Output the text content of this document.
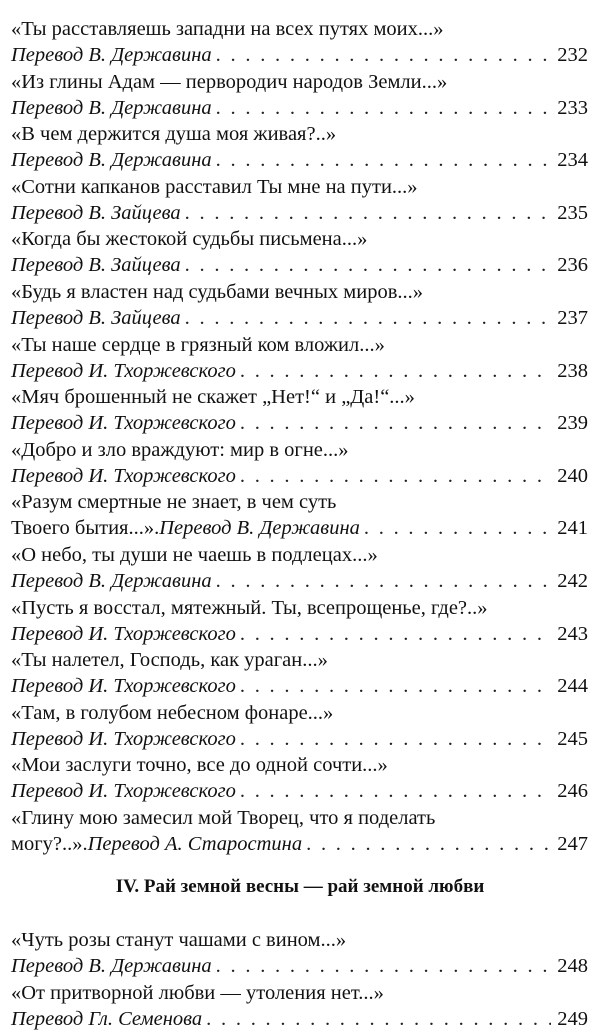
«Ты расставляешь западни на всех путях моих...»
Перевод В. Державина . . .	232
«Из глины Адам — первородич народов Земли...»
Перевод В. Державина . . .	233
«В чем держится душа моя живая?..»
Перевод В. Державина . . .	234
«Сотни капканов расставил Ты мне на пути...»
Перевод В. Зайцева . . .	235
«Когда бы жестокой судьбы письмена...»
Перевод В. Зайцева . . .	236
«Будь я властен над судьбами вечных миров...»
Перевод В. Зайцева . . .	237
«Ты наше сердце в грязный ком вложил...»
Перевод И. Тхоржевского . . .	238
«Мяч брошенный не скажет „Нет!“ и „Да!“...»
Перевод И. Тхоржевского . . .	239
«Добро и зло враждуют: мир в огне...»
Перевод И. Тхоржевского . . .	240
«Разум смертные не знает, в чем суть
Твоего бытия...». Перевод В. Державина . . .	241
«О небо, ты души не чаешь в подлецах...»
Перевод В. Державина . . .	242
«Пусть я восстал, мятежный. Ты, всепрощенье, где?..»
Перевод И. Тхоржевского . . .	243
«Ты налетел, Господь, как ураган...»
Перевод И. Тхоржевского . . .	244
«Там, в голубом небесном фонаре...»
Перевод И. Тхоржевского . . .	245
«Мои заслуги точно, все до одной сочти...»
Перевод И. Тхоржевского . . .	246
«Глину мою замесил мой Творец, что я поделать
могу?..». Перевод А. Старостина . . .	247
IV. Рай земной весны — рай земной любви
«Чуть розы станут чашами с вином...»
Перевод В. Державина . . .	248
«От притворной любви — утоления нет...»
Перевод Гл. Семенова . . .	249
